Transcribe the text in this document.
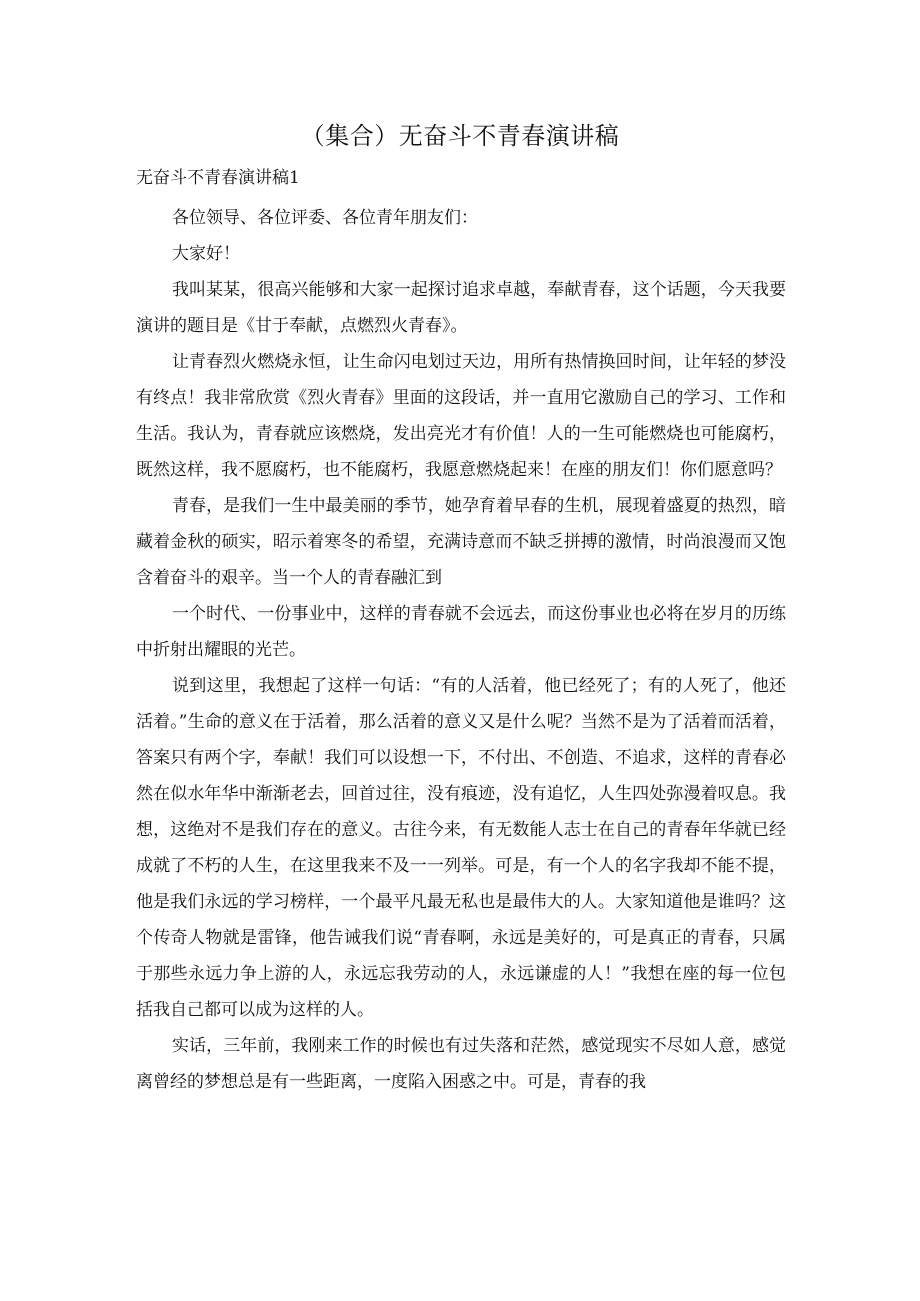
（集合）无奋斗不青春演讲稿

无奋斗不青春演讲稿1

各位领导、各位评委、各位青年朋友们：

大家好！

我叫某某，很高兴能够和大家一起探讨追求卓越，奉献青春，这个话题，今天我要演讲的题目是《甘于奉献，点燃烈火青春》。

让青春烈火燃烧永恒，让生命闪电划过天边，用所有热情换回时间，让年轻的梦没有终点！我非常欣赏《烈火青春》里面的这段话，并一直用它激励自己的学习、工作和生活。我认为，青春就应该燃烧，发出亮光才有价值！人的一生可能燃烧也可能腐朽，既然这样，我不愿腐朽，也不能腐朽，我愿意燃烧起来！在座的朋友们！你们愿意吗？

青春，是我们一生中最美丽的季节，她孕育着早春的生机，展现着盛夏的热烈，暗藏着金秋的硕实，昭示着寒冬的希望，充满诗意而不缺乏拼搏的激情，时尚浪漫而又饱含着奋斗的艰辛。当一个人的青春融汇到

一个时代、一份事业中，这样的青春就不会远去，而这份事业也必将在岁月的历练中折射出耀眼的光芒。

说到这里，我想起了这样一句话：“有的人活着，他已经死了；有的人死了，他还活着。”生命的意义在于活着，那么活着的意义又是什么呢？当然不是为了活着而活着，答案只有两个字，奉献！我们可以设想一下，不付出、不创造、不追求，这样的青春必然在似水年华中渐渐老去，回首过往，没有痕迹，没有追忆，人生四处弥漫着叹息。我想，这绝对不是我们存在的意义。古往今来，有无数能人志士在自己的青春年华就已经成就了不朽的人生，在这里我来不及一一列举。可是，有一个人的名字我却不能不提，他是我们永远的学习榜样，一个最平凡最无私也是最伟大的人。大家知道他是谁吗？这个传奇人物就是雷锋，他告诫我们说“青春啊，永远是美好的，可是真正的青春，只属于那些永远力争上游的人，永远忘我劳动的人，永远谦虚的人！”我想在座的每一位包括我自己都可以成为这样的人。

实话，三年前，我刚来工作的时候也有过失落和茫然，感觉现实不尽如人意，感觉离曾经的梦想总是有一些距离，一度陷入困惑之中。可是，青春的我
